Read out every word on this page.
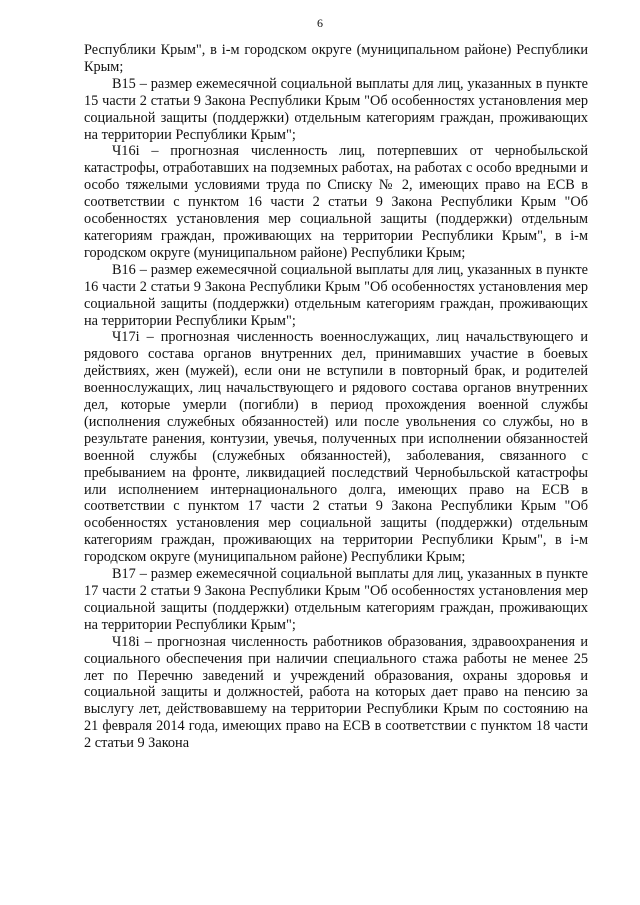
6

Республики Крым", в i-м городском округе (муниципальном районе) Республики Крым;

В15 – размер ежемесячной социальной выплаты для лиц, указанных в пункте 15 части 2 статьи 9 Закона Республики Крым "Об особенностях установления мер социальной защиты (поддержки) отдельным категориям граждан, проживающих на территории Республики Крым";

Ч16i – прогнозная численность лиц, потерпевших от чернобыльской катастрофы, отработавших на подземных работах, на работах с особо вредными и особо тяжелыми условиями труда по Списку № 2, имеющих право на ЕСВ в соответствии с пунктом 16 части 2 статьи 9 Закона Республики Крым "Об особенностях установления мер социальной защиты (поддержки) отдельным категориям граждан, проживающих на территории Республики Крым", в i-м городском округе (муниципальном районе) Республики Крым;

В16 – размер ежемесячной социальной выплаты для лиц, указанных в пункте 16 части 2 статьи 9 Закона Республики Крым "Об особенностях установления мер социальной защиты (поддержки) отдельным категориям граждан, проживающих на территории Республики Крым";

Ч17i – прогнозная численность военнослужащих, лиц начальствующего и рядового состава органов внутренних дел, принимавших участие в боевых действиях, жен (мужей), если они не вступили в повторный брак, и родителей военнослужащих, лиц начальствующего и рядового состава органов внутренних дел, которые умерли (погибли) в период прохождения военной службы (исполнения служебных обязанностей) или после увольнения со службы, но в результате ранения, контузии, увечья, полученных при исполнении обязанностей военной службы (служебных обязанностей), заболевания, связанного с пребыванием на фронте, ликвидацией последствий Чернобыльской катастрофы или исполнением интернационального долга, имеющих право на ЕСВ в соответствии с пунктом 17 части 2 статьи 9 Закона Республики Крым "Об особенностях установления мер социальной защиты (поддержки) отдельным категориям граждан, проживающих на территории Республики Крым", в i-м городском округе (муниципальном районе) Республики Крым;

В17 – размер ежемесячной социальной выплаты для лиц, указанных в пункте 17 части 2 статьи 9 Закона Республики Крым "Об особенностях установления мер социальной защиты (поддержки) отдельным категориям граждан, проживающих на территории Республики Крым";

Ч18i – прогнозная численность работников образования, здравоохранения и социального обеспечения при наличии специального стажа работы не менее 25 лет по Перечню заведений и учреждений образования, охраны здоровья и социальной защиты и должностей, работа на которых дает право на пенсию за выслугу лет, действовавшему на территории Республики Крым по состоянию на 21 февраля 2014 года, имеющих право на ЕСВ в соответствии с пунктом 18 части 2 статьи 9 Закона
